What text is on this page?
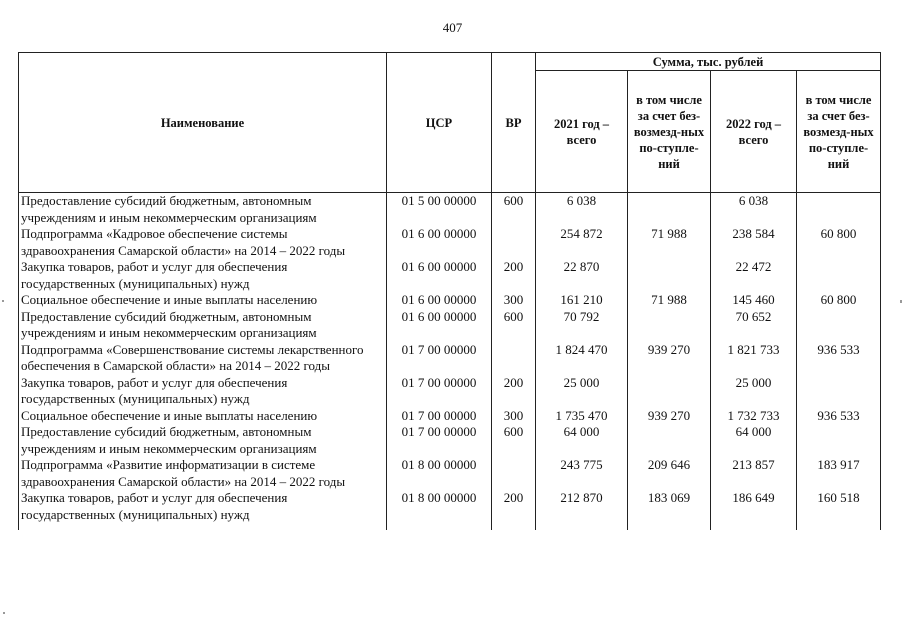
407
Наименование	ЦСР	ВР	Сумма, тыс. рублей			
			2021 год – всего	в том числе за счет без-возмезд-ных по-ступле-ний	2022 год – всего	в том числе за счет без-возмезд-ных по-ступле-ний
Предоставление субсидий бюджетным, автономным учреждениям и иным некоммерческим организациям	01 5 00 00000	600	6 038		6 038	
Подпрограмма «Кадровое обеспечение системы здравоохранения Самарской области» на 2014 – 2022 годы	01 6 00 00000		254 872	71 988	238 584	60 800
Закупка товаров, работ и услуг для обеспечения государственных (муниципальных) нужд	01 6 00 00000	200	22 870		22 472	
Социальное обеспечение и иные выплаты населению	01 6 00 00000	300	161 210	71 988	145 460	60 800
Предоставление субсидий бюджетным, автономным учреждениям и иным некоммерческим организациям	01 6 00 00000	600	70 792		70 652	
Подпрограмма «Совершенствование системы лекарственного обеспечения в Самарской области» на 2014 – 2022 годы	01 7 00 00000		1 824 470	939 270	1 821 733	936 533
Закупка товаров, работ и услуг для обеспечения государственных (муниципальных) нужд	01 7 00 00000	200	25 000		25 000	
Социальное обеспечение и иные выплаты населению	01 7 00 00000	300	1 735 470	939 270	1 732 733	936 533
Предоставление субсидий бюджетным, автономным учреждениям и иным некоммерческим организациям	01 7 00 00000	600	64 000		64 000	
Подпрограмма «Развитие информатизации в системе здравоохранения Самарской области» на 2014 – 2022 годы	01 8 00 00000		243 775	209 646	213 857	183 917
Закупка товаров, работ и услуг для обеспечения государственных (муниципальных) нужд	01 8 00 00000	200	212 870	183 069	186 649	160 518
